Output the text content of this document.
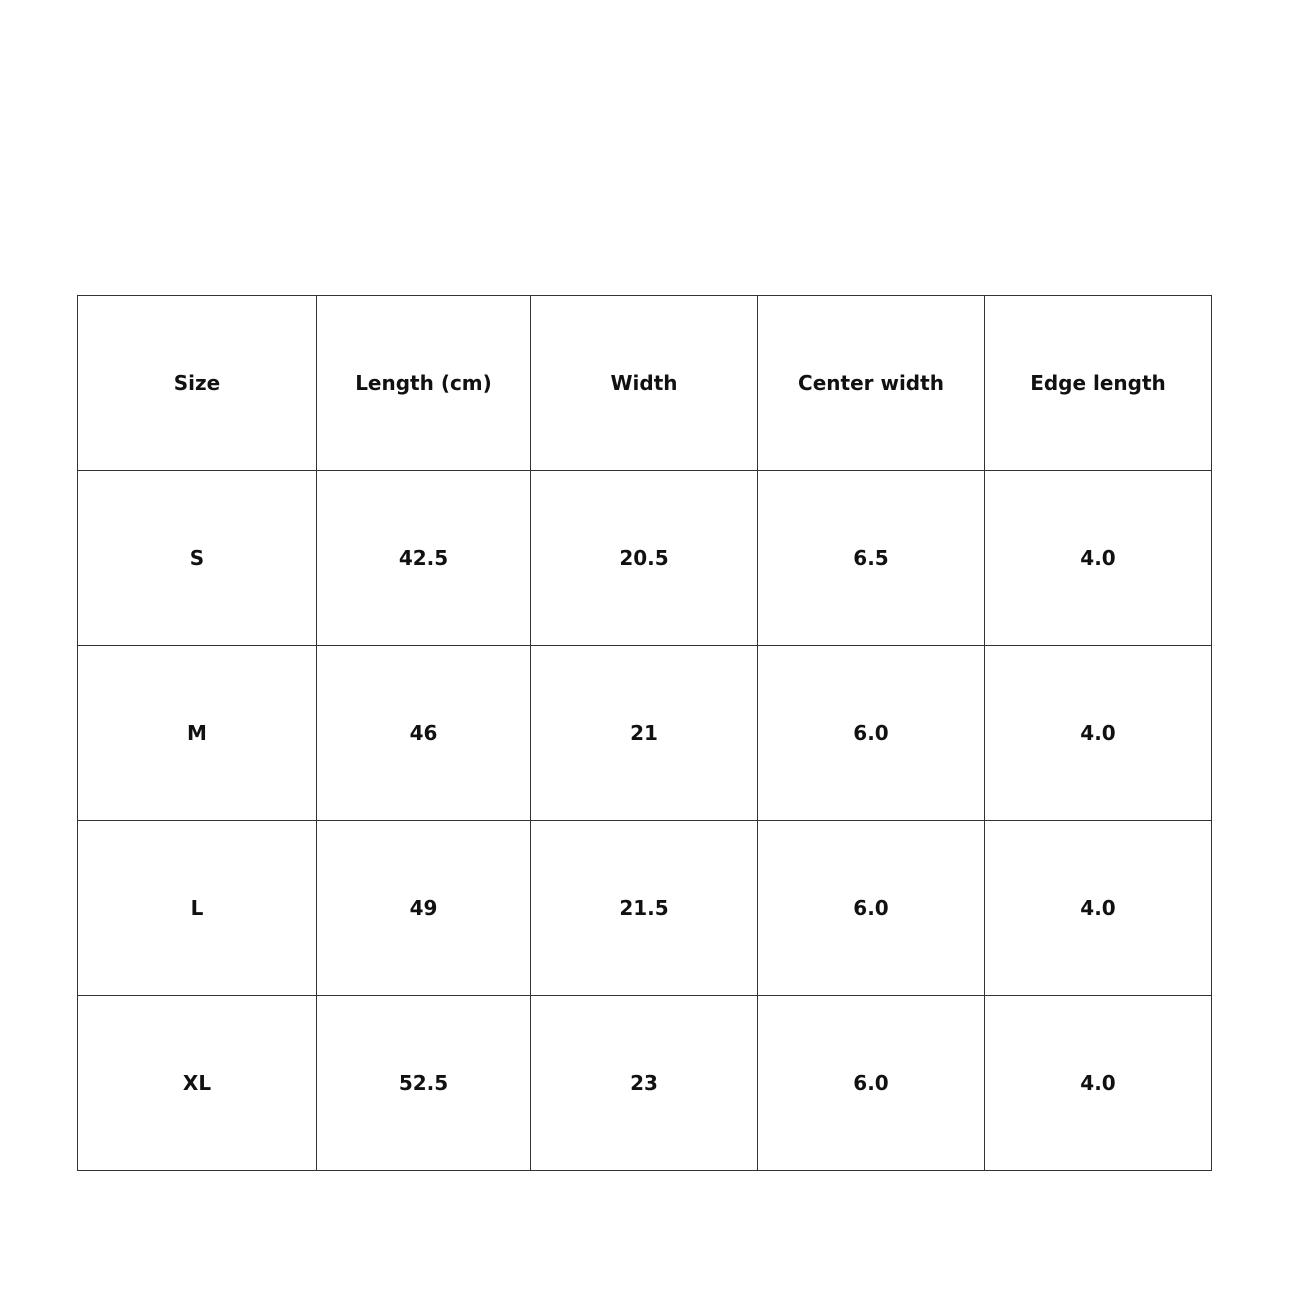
Size	Length (cm)	Width	Center width	Edge length
S	42.5	20.5	6.5	4.0
M	46	21	6.0	4.0
L	49	21.5	6.0	4.0
XL	52.5	23	6.0	4.0
